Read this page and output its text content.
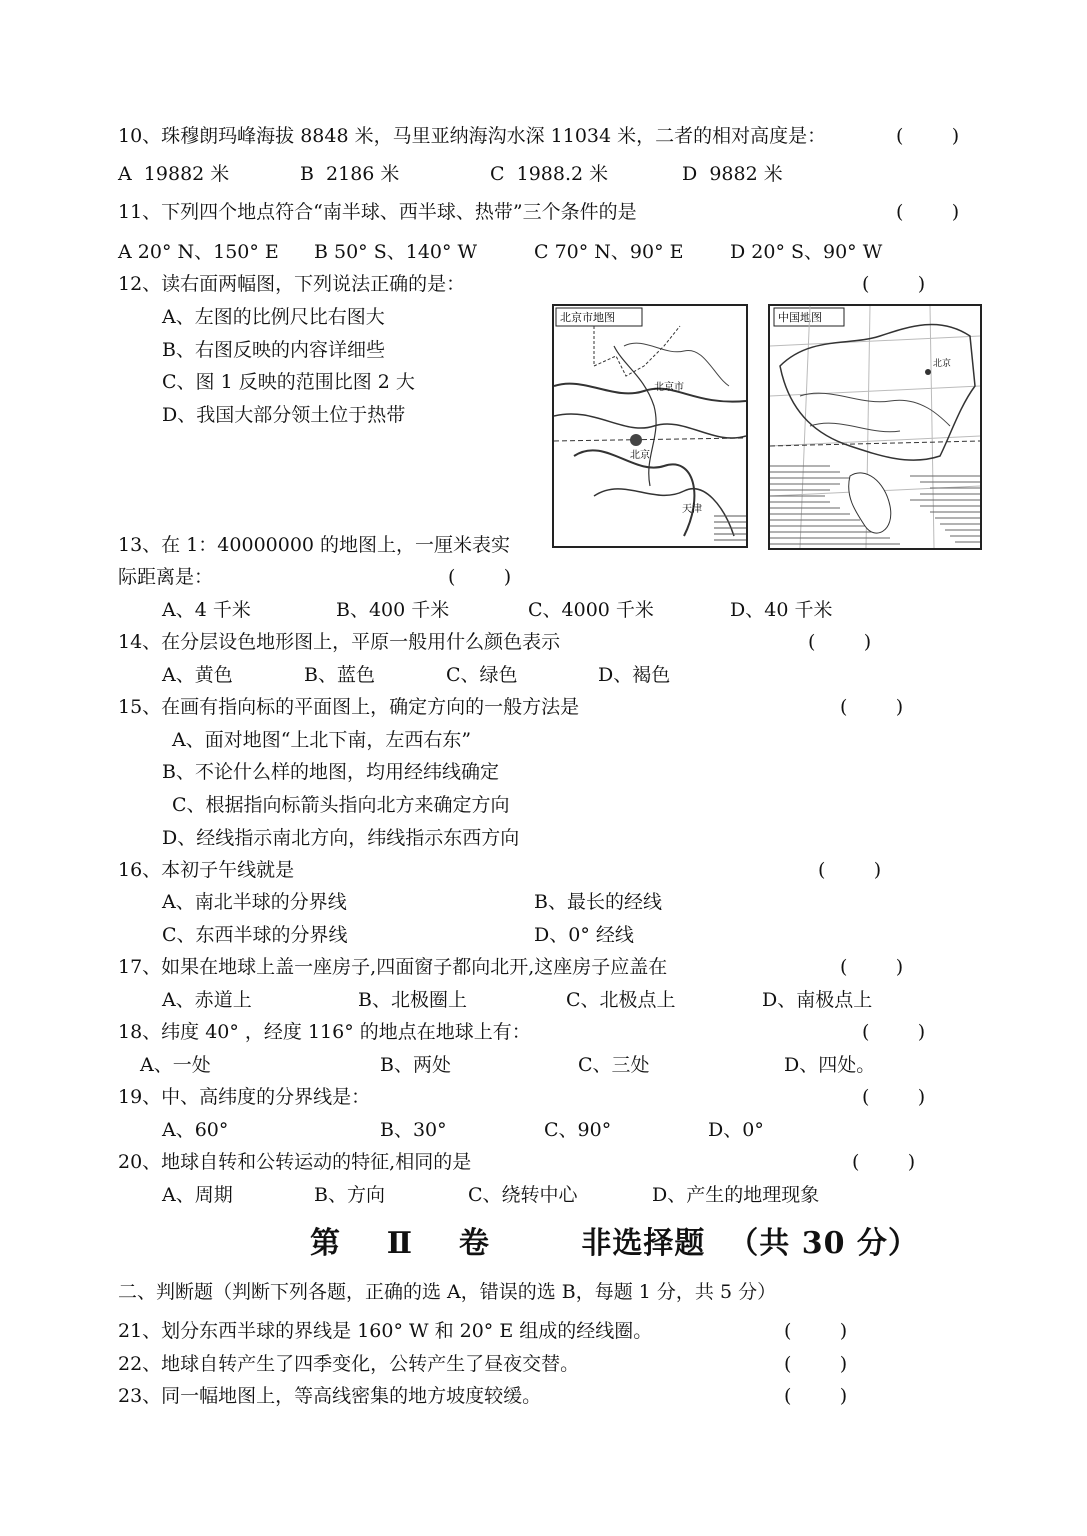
10、珠穆朗玛峰海拔 8848 米，马里亚纳海沟水深 11034 米，二者的相对高度是：	(        )
A  19882 米	B  2186 米	C  1988.2 米	D  9882 米
11、下列四个地点符合“南半球、西半球、热带”三个条件的是	(        )
A 20° N、150° E B 50° S、140° W	C 70° N、90° E D 20° S、90° W
12、读右面两幅图，下列说法正确的是：	(        )
A、左图的比例尺比右图大
B、右图反映的内容详细些
C、图 1 反映的范围比图 2 大
D、我国大部分领土位于热带
北京市地图
北京市
北京
天津
中国地图
北京
13、在 1：40000000 的地图上，一厘米表实
际距离是：	(        )
A、4 千米	B、400 千米	C、4000 千米	D、40 千米
14、在分层设色地形图上，平原一般用什么颜色表示	(        )
A、黄色	B、蓝色	C、绿色	D、褐色
15、在画有指向标的平面图上，确定方向的一般方法是	(        )
A、面对地图“上北下南，左西右东”
B、不论什么样的地图，均用经纬线确定
C、根据指向标箭头指向北方来确定方向
D、经线指示南北方向，纬线指示东西方向
16、本初子午线就是	(        )
A、南北半球的分界线	B、最长的经线
C、东西半球的分界线	D、0° 经线
17、如果在地球上盖一座房子,四面窗子都向北开,这座房子应盖在	(        )
A、赤道上	B、北极圈上	C、北极点上	D、南极点上
18、纬度 40° ，经度 116° 的地点在地球上有：	(        )
A、一处	B、两处	C、三处	D、四处。
19、中、高纬度的分界线是：	(        )
A、60°	B、30°	C、90°	D、0°
20、地球自转和公转运动的特征,相同的是	(        )
A、周期	B、方向	C、绕转中心	D、产生的地理现象
第    Ⅱ    卷        非选择题  （共 30 分）
二、判断题（判断下列各题，正确的选 A，错误的选 B，每题 1 分，共 5 分）
21、划分东西半球的界线是 160° W 和 20° E 组成的经线圈。	(        )
22、地球自转产生了四季变化，公转产生了昼夜交替。	(        )
23、同一幅地图上，等高线密集的地方坡度较缓。	(        )
